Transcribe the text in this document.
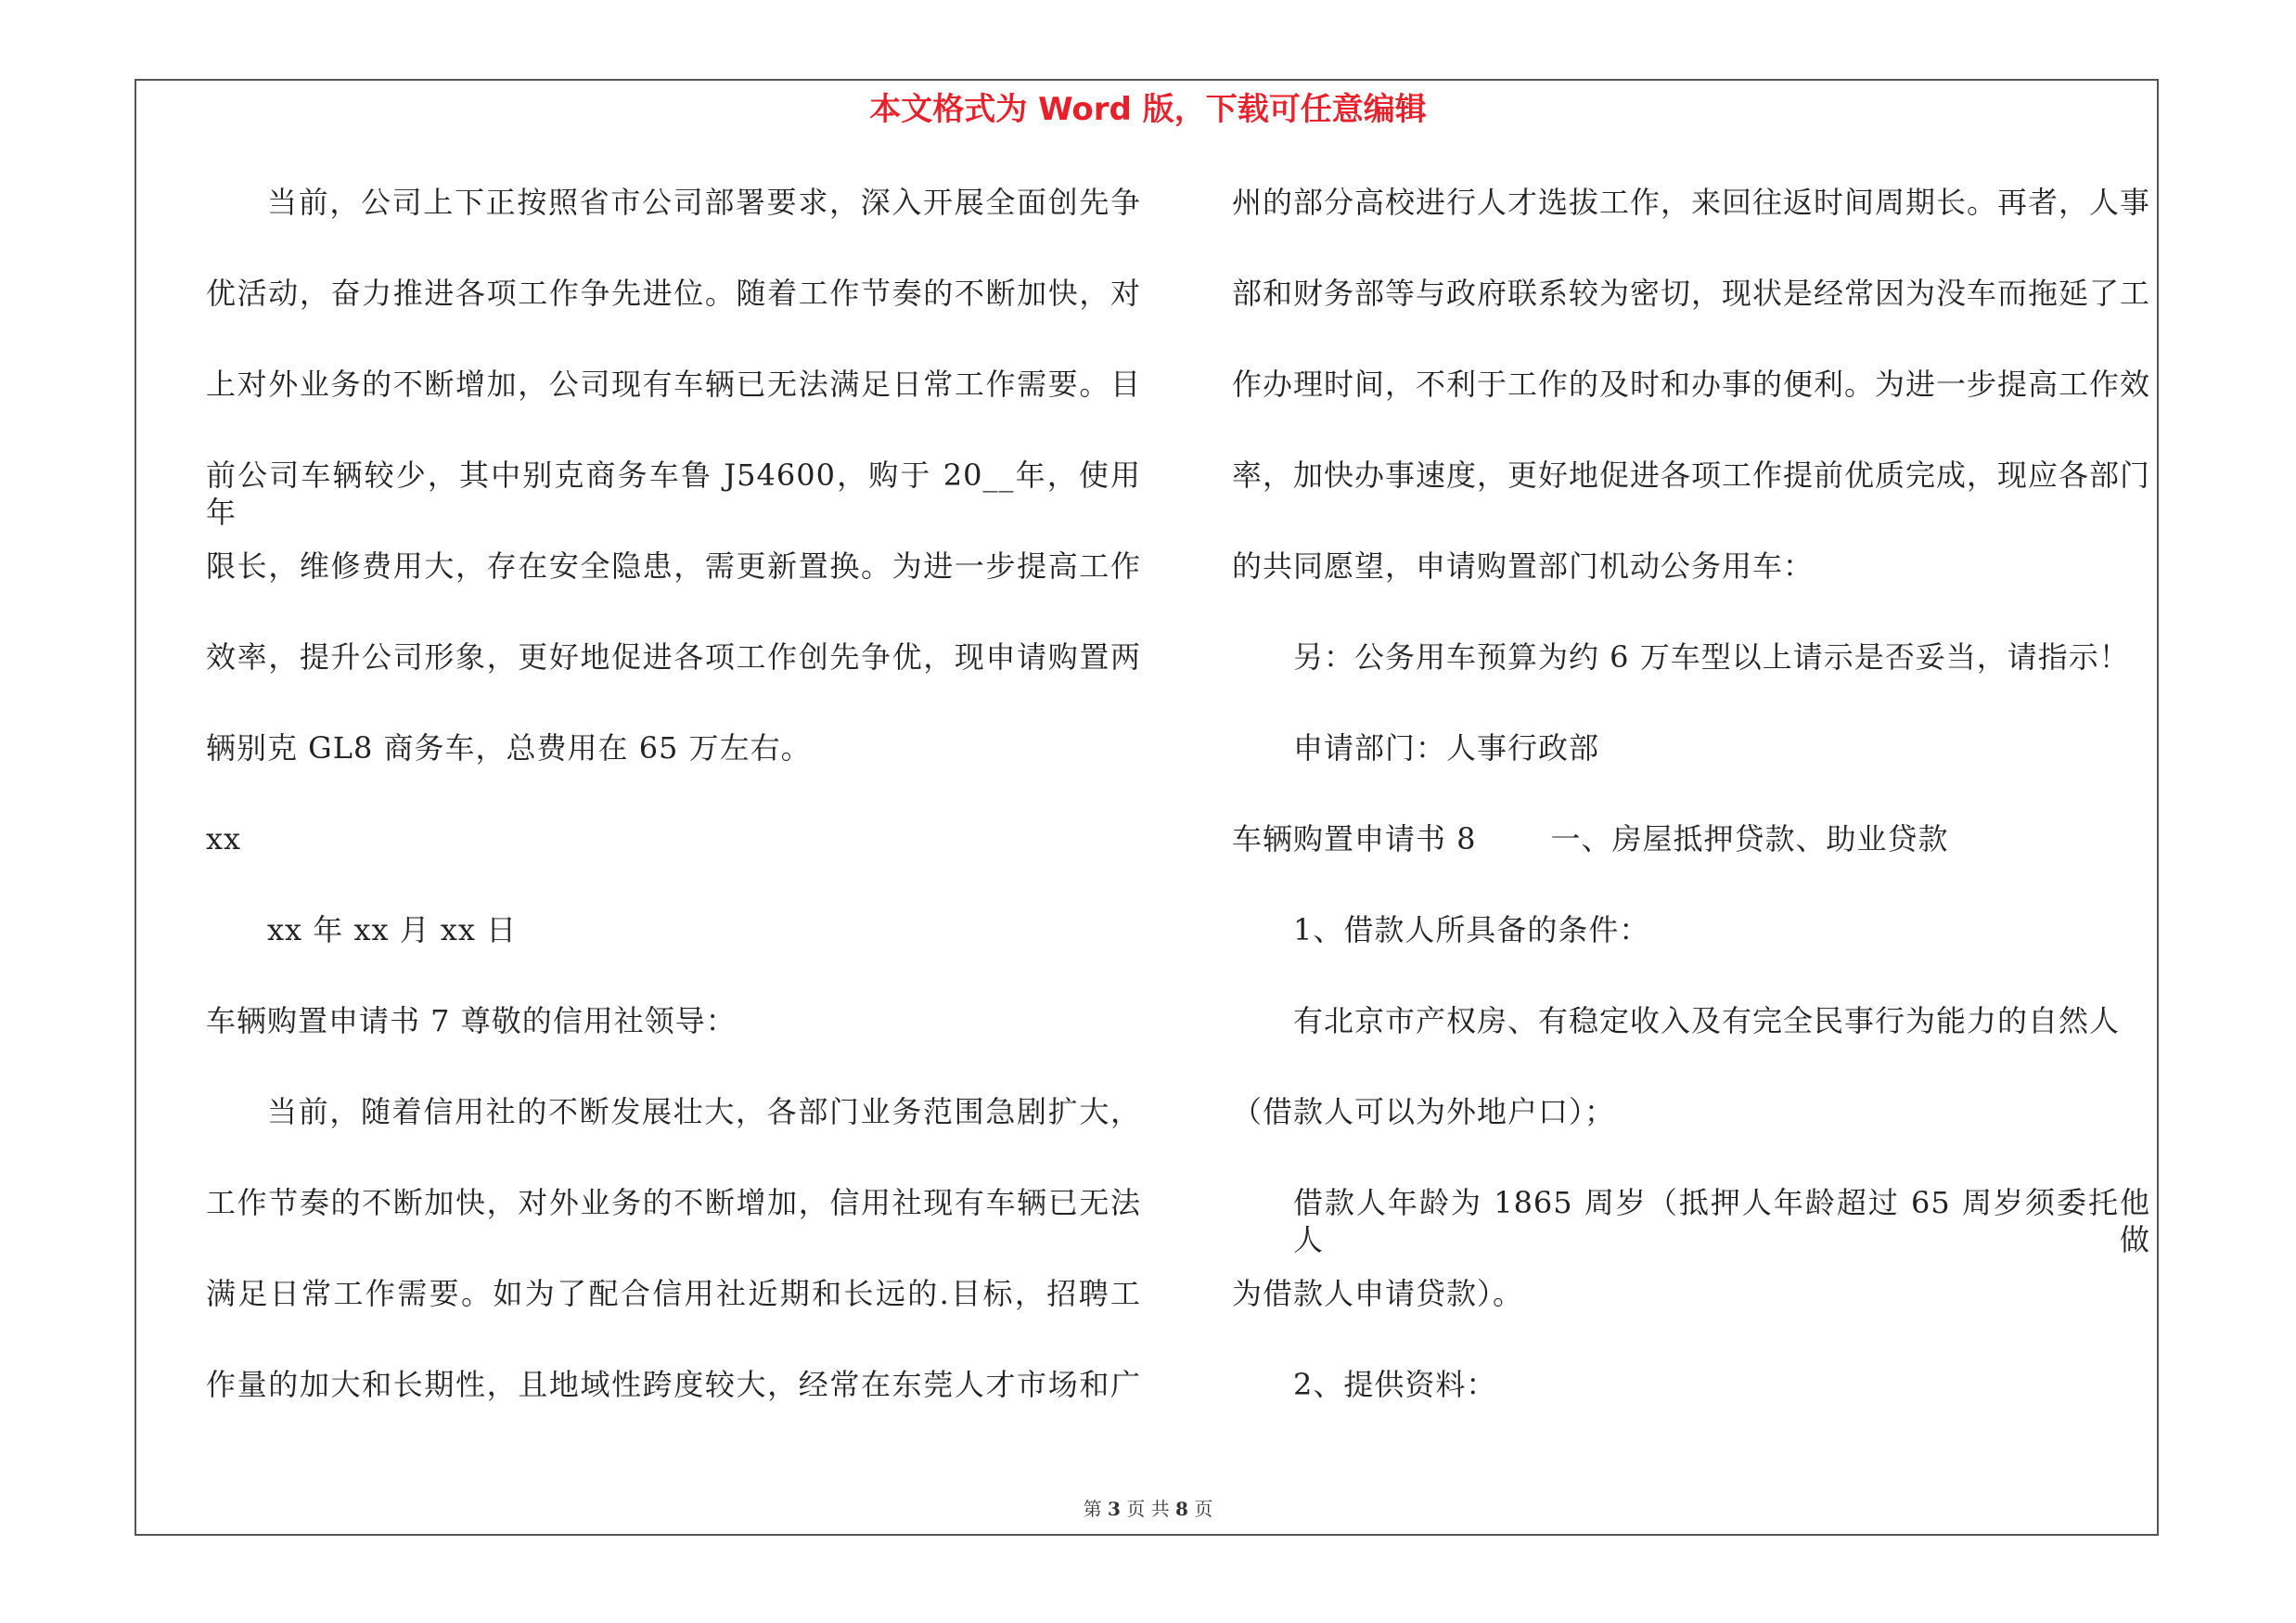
本文格式为 Word 版，下载可任意编辑
当前，公司上下正按照省市公司部署要求，深入开展全面创先争
优活动，奋力推进各项工作争先进位。随着工作节奏的不断加快，对
上对外业务的不断增加，公司现有车辆已无法满足日常工作需要。目
前公司车辆较少，其中别克商务车鲁 J54600，购于 20__年，使用年
限长，维修费用大，存在安全隐患，需更新置换。为进一步提高工作
效率，提升公司形象，更好地促进各项工作创先争优，现申请购置两
辆别克 GL8 商务车，总费用在 65 万左右。
xx
xx 年 xx 月 xx 日
车辆购置申请书 7 尊敬的信用社领导：
当前，随着信用社的不断发展壮大，各部门业务范围急剧扩大，
工作节奏的不断加快，对外业务的不断增加，信用社现有车辆已无法
满足日常工作需要。如为了配合信用社近期和长远的.目标，招聘工
作量的加大和长期性，且地域性跨度较大，经常在东莞人才市场和广
州的部分高校进行人才选拔工作，来回往返时间周期长。再者，人事
部和财务部等与政府联系较为密切，现状是经常因为没车而拖延了工
作办理时间，不利于工作的及时和办事的便利。为进一步提高工作效
率，加快办事速度，更好地促进各项工作提前优质完成，现应各部门
的共同愿望，申请购置部门机动公务用车：
另：公务用车预算为约 6 万车型以上请示是否妥当，请指示！
申请部门：人事行政部
车辆购置申请书 8	一、房屋抵押贷款、助业贷款
1、借款人所具备的条件：
有北京市产权房、有稳定收入及有完全民事行为能力的自然人
（借款人可以为外地户口）；
借款人年龄为 1865 周岁（抵押人年龄超过 65 周岁须委托他人做
为借款人申请贷款）。
2、提供资料：
第 3 页 共 8 页
